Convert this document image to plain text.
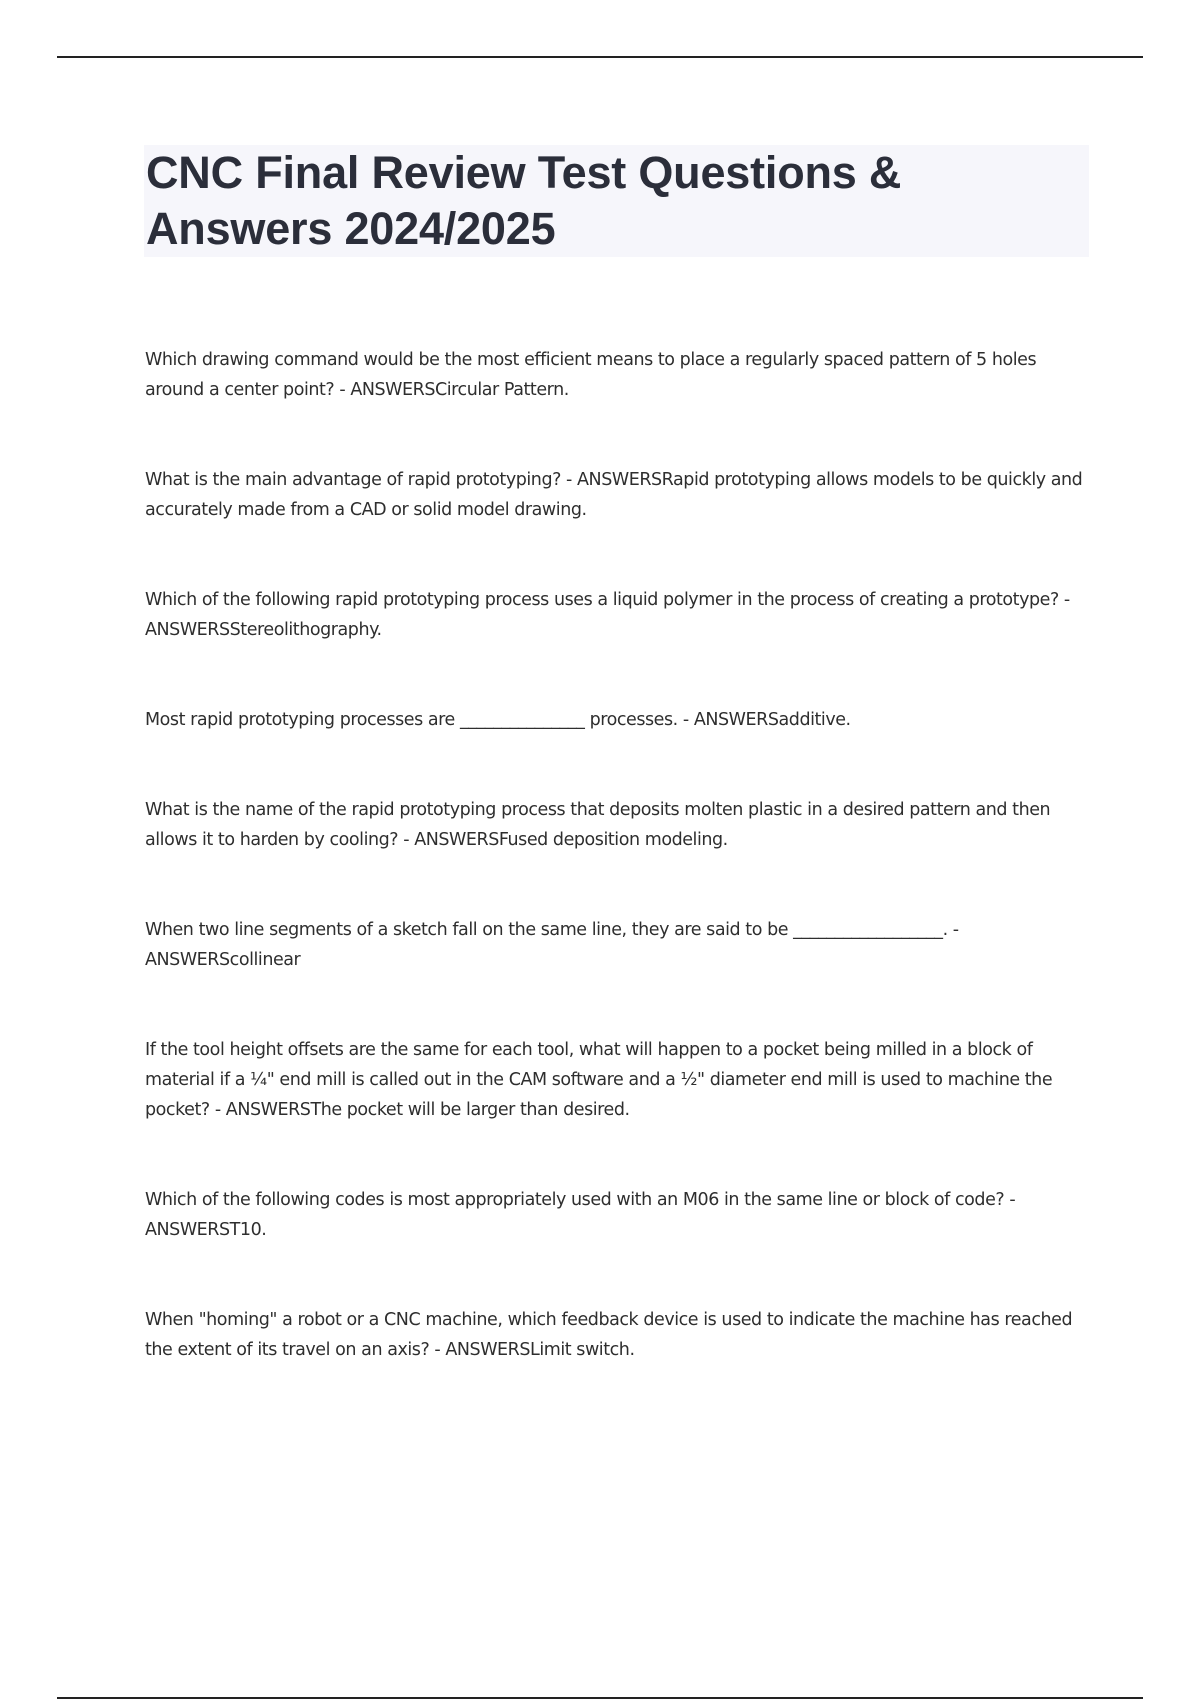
CNC Final Review Test Questions & Answers 2024/2025
Which drawing command would be the most efficient means to place a regularly spaced pattern of 5 holes around a center point? - ANSWERSCircular Pattern.
What is the main advantage of rapid prototyping? - ANSWERSRapid prototyping allows models to be quickly and accurately made from a CAD or solid model drawing.
Which of the following rapid prototyping process uses a liquid polymer in the process of creating a prototype? - ANSWERSStereolithography.
Most rapid prototyping processes are _______________ processes. - ANSWERSadditive.
What is the name of the rapid prototyping process that deposits molten plastic in a desired pattern and then allows it to harden by cooling? - ANSWERSFused deposition modeling.
When two line segments of a sketch fall on the same line, they are said to be __________________. - ANSWERScollinear
If the tool height offsets are the same for each tool, what will happen to a pocket being milled in a block of material if a ¼" end mill is called out in the CAM software and a ½" diameter end mill is used to machine the pocket? - ANSWERSThe pocket will be larger than desired.
Which of the following codes is most appropriately used with an M06 in the same line or block of code? - ANSWERST10.
When "homing" a robot or a CNC machine, which feedback device is used to indicate the machine has reached the extent of its travel on an axis? - ANSWERSLimit switch.
